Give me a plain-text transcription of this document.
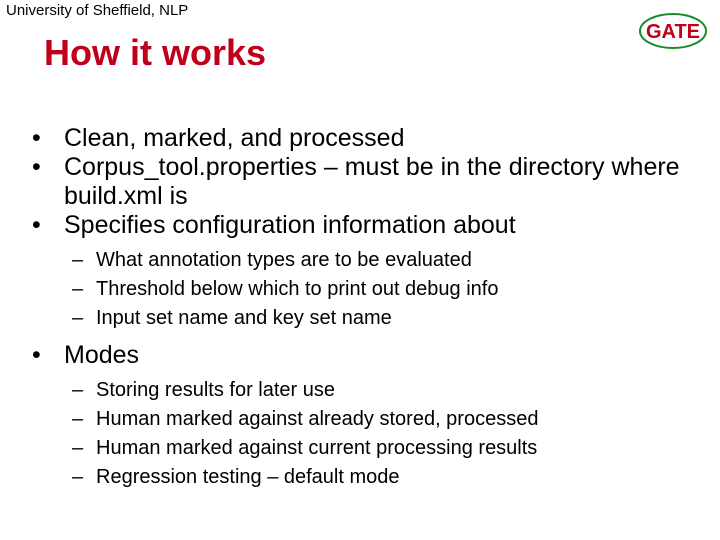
University of Sheffield, NLP
How it works	GATE
• Clean, marked, and processed
• Corpus_tool.properties – must be in the directory where build.xml is
• Specifies configuration information about
– What annotation types are to be evaluated
– Threshold below which to print out debug info
– Input set name and key set name
• Modes
– Storing results for later use
– Human marked against already stored, processed
– Human marked against current processing results
– Regression testing – default mode
